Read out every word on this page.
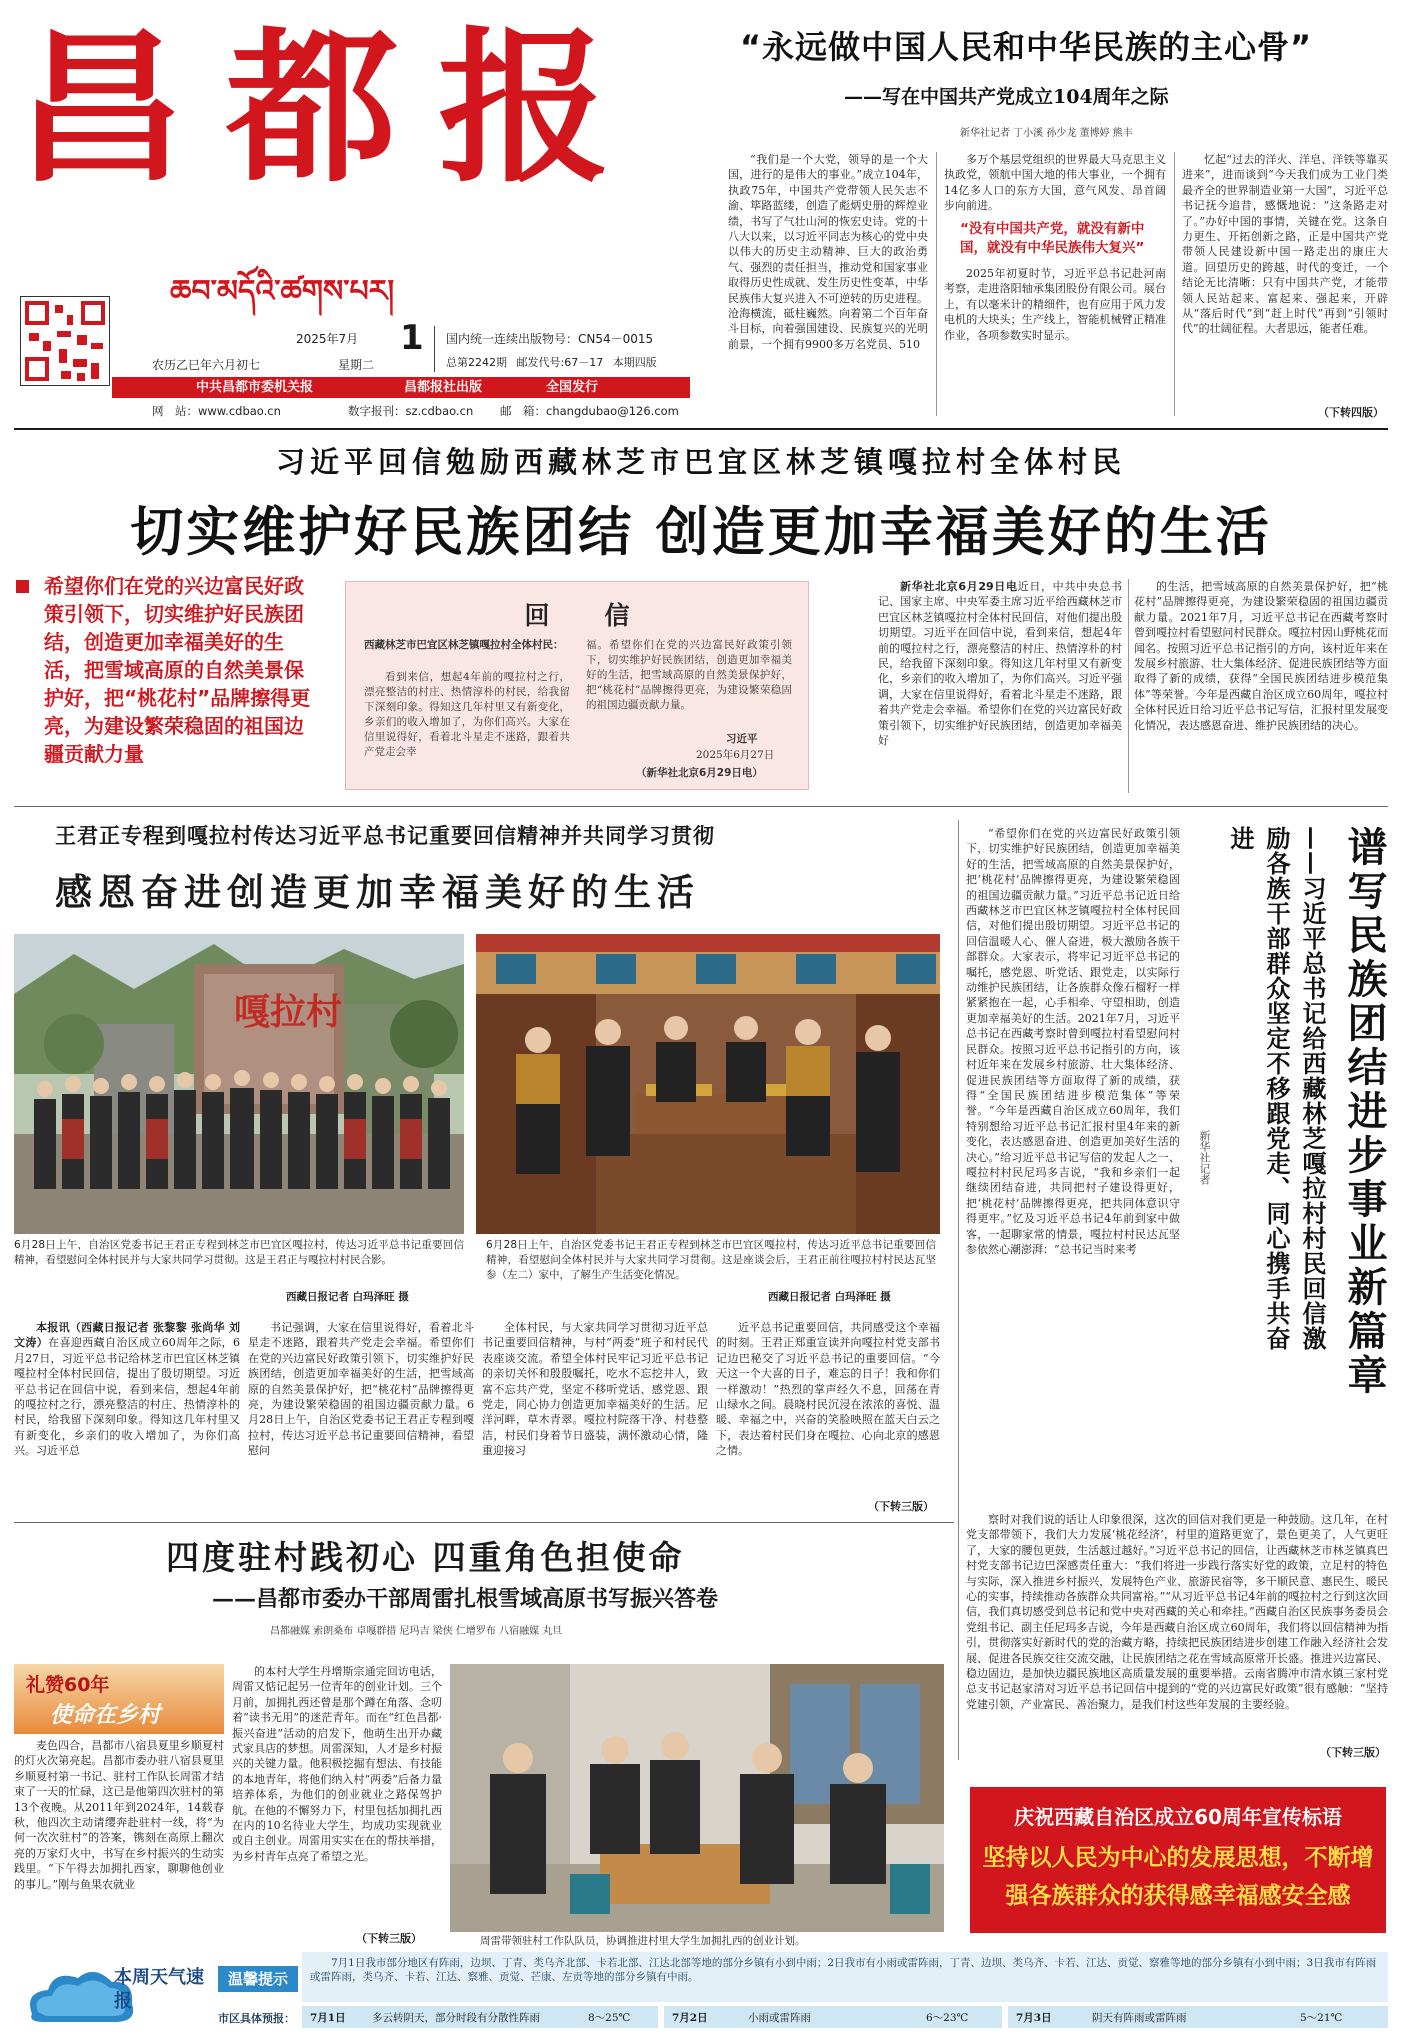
昌都报
ཆབ་མདོའི་ཚགས་པར།
2025年7月 1
星期二
农历乙巳年六月初七
国内统一连续出版物号：CN54－0015
总第2242期 邮发代号:67－17 本期四版
中共昌都市委机关报	昌都报社出版	全国发行
网　站：www.cdbao.cn	数字报刊：sz.cdbao.cn 邮　箱：changdubao@126.com
“永远做中国人民和中华民族的主心骨”
——写在中国共产党成立104周年之际
新华社记者 丁小溪 孙少龙 董博婷 熊丰
“我们是一个大党，领导的是一个大国，进行的是伟大的事业。”成立104年，执政75年，中国共产党带领人民矢志不渝、筚路蓝缕，创造了彪炳史册的辉煌业绩，书写了气壮山河的恢宏史诗。党的十八大以来，以习近平同志为核心的党中央以伟大的历史主动精神、巨大的政治勇气、强烈的责任担当，推动党和国家事业取得历史性成就、发生历史性变革，中华民族伟大复兴进入不可逆转的历史进程。沧海横流，砥柱巍然。向着第二个百年奋斗目标，向着强国建设、民族复兴的光明前景，一个拥有9900多万名党员、510
多万个基层党组织的世界最大马克思主义执政党，领航中国大地的伟大事业，一个拥有14亿多人口的东方大国，意气风发、昂首阔步向前进。
“没有中国共产党，就没有新中国，就没有中华民族伟大复兴”
2025年初夏时节，习近平总书记赴河南考察，走进洛阳轴承集团股份有限公司。展台上，有以毫米计的精细件，也有应用于风力发电机的大块头；生产线上，智能机械臂正精准作业，各项参数实时显示。
忆起“过去的洋火、洋皂、洋铁等靠买进来”，进而谈到“今天我们成为工业门类最齐全的世界制造业第一大国”，习近平总书记抚今追昔，感慨地说：“这条路走对了。”办好中国的事情，关键在党。这条自力更生、开拓创新之路，正是中国共产党带领人民建设新中国一路走出的康庄大道。回望历史的跨越，时代的变迁，一个结论无比清晰：只有中国共产党，才能带领人民站起来、富起来、强起来，开辟从“落后时代”到“赶上时代”再到“引领时代”的壮阔征程。大者思远，能者任难。
（下转四版）
习近平回信勉励西藏林芝市巴宜区林芝镇嘎拉村全体村民
切实维护好民族团结 创造更加幸福美好的生活
希望你们在党的兴边富民好政策引领下，切实维护好民族团结，创造更加幸福美好的生活，把雪域高原的自然美景保护好，把“桃花村”品牌擦得更亮，为建设繁荣稳固的祖国边疆贡献力量
回信
西藏林芝市巴宜区林芝镇嘎拉村全体村民：
看到来信，想起4年前的嘎拉村之行，漂亮整洁的村庄、热情淳朴的村民，给我留下深刻印象。得知这几年村里又有新变化，乡亲们的收入增加了，为你们高兴。大家在信里说得好，看着北斗星走不迷路，跟着共产党走会幸
福。希望你们在党的兴边富民好政策引领下，切实维护好民族团结，创造更加幸福美好的生活，把雪域高原的自然美景保护好，把“桃花村”品牌擦得更亮，为建设繁荣稳固的祖国边疆贡献力量。
习近平
2025年6月27日
（新华社北京6月29日电）
新华社北京6月29日电近日，中共中央总书记、国家主席、中央军委主席习近平给西藏林芝市巴宜区林芝镇嘎拉村全体村民回信，对他们提出殷切期望。习近平在回信中说，看到来信，想起4年前的嘎拉村之行，漂亮整洁的村庄、热情淳朴的村民，给我留下深刻印象。得知这几年村里又有新变化，乡亲们的收入增加了，为你们高兴。习近平强调，大家在信里说得好，看着北斗星走不迷路，跟着共产党走会幸福。希望你们在党的兴边富民好政策引领下，切实维护好民族团结，创造更加幸福美好
的生活，把雪域高原的自然美景保护好，把“桃花村”品牌擦得更亮，为建设繁荣稳固的祖国边疆贡献力量。2021年7月，习近平总书记在西藏考察时曾到嘎拉村看望慰问村民群众。嘎拉村因山野桃花而闻名。按照习近平总书记指引的方向，该村近年来在发展乡村旅游、壮大集体经济、促进民族团结等方面取得了新的成绩，获得“全国民族团结进步模范集体”等荣誉。今年是西藏自治区成立60周年，嘎拉村全体村民近日给习近平总书记写信，汇报村里发展变化情况，表达感恩奋进、维护民族团结的决心。
王君正专程到嘎拉村传达习近平总书记重要回信精神并共同学习贯彻
感恩奋进创造更加幸福美好的生活
嘎拉村
6月28日上午，自治区党委书记王君正专程到林芝市巴宜区嘎拉村，传达习近平总书记重要回信精神，看望慰问全体村民并与大家共同学习贯彻。这是王君正与嘎拉村村民合影。
西藏日报记者 白玛泽旺 摄
6月28日上午，自治区党委书记王君正专程到林芝市巴宜区嘎拉村，传达习近平总书记重要回信精神，看望慰问全体村民并与大家共同学习贯彻。这是座谈会后，王君正前往嘎拉村村民达瓦坚参（左二）家中，了解生产生活变化情况。
西藏日报记者 白玛泽旺 摄
本报讯（西藏日报记者 张黎黎 张尚华 刘文涛）在喜迎西藏自治区成立60周年之际，6月27日，习近平总书记给林芝市巴宜区林芝镇嘎拉村全体村民回信，提出了殷切期望。习近平总书记在回信中说，看到来信，想起4年前的嘎拉村之行，漂亮整洁的村庄、热情淳朴的村民，给我留下深刻印象。得知这几年村里又有新变化，乡亲们的收入增加了，为你们高兴。习近平总
书记强调，大家在信里说得好，看着北斗星走不迷路，跟着共产党走会幸福。希望你们在党的兴边富民好政策引领下，切实维护好民族团结，创造更加幸福美好的生活，把雪域高原的自然美景保护好，把“桃花村”品牌擦得更亮，为建设繁荣稳固的祖国边疆贡献力量。6月28日上午，自治区党委书记王君正专程到嘎拉村，传达习近平总书记重要回信精神，看望慰问
全体村民，与大家共同学习贯彻习近平总书记重要回信精神，与村“两委”班子和村民代表座谈交流。希望全体村民牢记习近平总书记的亲切关怀和殷殷嘱托，吃水不忘挖井人，致富不忘共产党，坚定不移听党话、感党恩、跟党走，同心协力创造更加幸福美好的生活。尼洋河畔，草木青翠。嘎拉村院落干净、村巷整洁，村民们身着节日盛装，满怀激动心情，隆重迎接习
近平总书记重要回信，共同感受这个幸福的时刻。王君正郑重宣读并向嘎拉村党支部书记边巴秘交了习近平总书记的重要回信。“今天这一个大喜的日子，难忘的日子！我和你们一样激动！”热烈的掌声经久不息，回荡在青山绿水之间。晨晓村民沉浸在浓浓的喜悦、温暖、幸福之中，兴奋的笑脸映照在蓝天白云之下，表达着村民们身在嘎拉、心向北京的感恩之情。
（下转三版）
“希望你们在党的兴边富民好政策引领下，切实维护好民族团结，创造更加幸福美好的生活，把雪域高原的自然美景保护好，把‘桃花村’品牌擦得更亮，为建设繁荣稳固的祖国边疆贡献力量。”习近平总书记近日给西藏林芝市巴宜区林芝镇嘎拉村全体村民回信，对他们提出殷切期望。习近平总书记的回信温暖人心、催人奋进，极大激励各族干部群众。大家表示，将牢记习近平总书记的嘱托，感党恩、听党话、跟党走，以实际行动维护民族团结，让各族群众像石榴籽一样紧紧抱在一起，心手相牵、守望相助，创造更加幸福美好的生活。2021年7月，习近平总书记在西藏考察时曾到嘎拉村看望慰问村民群众。按照习近平总书记指引的方向，该村近年来在发展乡村旅游、壮大集体经济、促进民族团结等方面取得了新的成绩，获得“全国民族团结进步模范集体”等荣誉。“今年是西藏自治区成立60周年，我们特别想给习近平总书记汇报村里4年来的新变化，表达感恩奋进、创造更加美好生活的决心。”给习近平总书记写信的发起人之一、嘎拉村村民尼玛多吉说，“我和乡亲们一起继续团结奋进，共同把村子建设得更好，把‘桃花村’品牌擦得更亮，把共同体意识守得更牢。”忆及习近平总书记4年前到家中做客，一起聊家常的情景，嘎拉村村民达瓦坚参依然心潮澎湃：“总书记当时来考	谱写民族团结进步事业新篇章
——习近平总书记给西藏林芝嘎拉村村民回信激励各族干部群众坚定不移跟党走、同心携手共奋进
新华社记者
察时对我们说的话让人印象很深，这次的回信对我们更是一种鼓励。这几年，在村党支部带领下，我们大力发展‘桃花经济’，村里的道路更宽了，景色更美了，人气更旺了，大家的腰包更鼓，生活越过越好。”习近平总书记的回信，让西藏林芝市林芝镇真巴村党支部书记边巴深感责任重大：“我们将进一步践行落实好党的政策，立足村的特色与实际，深入推进乡村振兴，发展特色产业、旅游民宿等，多干顺民意、惠民生、暖民心的实事，持续推动各族群众共同富裕。”“从习近平总书记4年前的嘎拉村之行到这次回信，我们真切感受到总书记和党中央对西藏的关心和牵挂。”西藏自治区民族事务委员会党组书记、副主任尼玛多吉说，今年是西藏自治区成立60周年，我们将以回信精神为指引，贯彻落实好新时代的党的治藏方略，持续把民族团结进步创建工作融入经济社会发展、促进各民族交往交流交融，让民族团结之花在雪域高原常开长盛。推进兴边富民、稳边固边，是加快边疆民族地区高质量发展的重要举措。云南省腾冲市清水镇三家村党总支书记赵家清对习近平总书记回信中提到的“党的兴边富民好政策”很有感触：“坚持党建引领，产业富民、善治聚力，是我们村这些年发展的主要经验。
（下转三版）
四度驻村践初心 四重角色担使命
——昌都市委办干部周雷扎根雪域高原书写振兴答卷
昌都融媒 索朗桑布 卓嘎群措 尼玛吉 梁侠 仁增罗布 八宿融媒 丸旦
礼赞60年
使命在乡村
麦色四合，昌都市八宿县夏里乡顺夏村的灯火次第亮起。昌都市委办驻八宿县夏里乡顺夏村第一书记、驻村工作队长周雷才结束了一天的忙碌，这已是他第四次驻村的第13个夜晚。从2011年到2024年，14载春秋，他四次主动请缨奔赴驻村一线，将“为何一次次驻村”的答案，镌刻在高原上翻次亮的万家灯火中，书写在乡村振兴的生动实践里。“下午得去加拥扎西家，聊聊他创业的事儿。”刚与鱼果农就业
的本村大学生丹增斯宗通完回访电话，周雷又惦记起另一位青年的创业计划。三个月前，加拥扎西还曾是那个蹲在角落、念叨着“读书无用”的迷茫青年。而在“红色昌都·振兴奋进”活动的启发下，他萌生出开办藏式家具店的梦想。周雷深知，人才是乡村振兴的关键力量。他积极挖掘有想法、有技能的本地青年，将他们纳入村“两委”后备力量培养体系，为他们的创业就业之路保驾护航。在他的不懈努力下，村里包括加拥扎西在内的10名待业大学生，均成功实现就业或自主创业。周雷用实实在在的帮扶举措，为乡村青年点亮了希望之光。
（下转三版）	周雷带领驻村工作队队员，协调推进村里大学生加拥扎西的创业计划。
庆祝西藏自治区成立60周年宣传标语
坚持以人民为中心的发展思想，不断增强各族群众的获得感幸福感安全感
本周天气速报
温馨提示
7月1日我市部分地区有阵雨，边坝、丁青、类乌齐北部、卡若北部、江达北部等地的部分乡镇有小到中雨；2日我市有小雨或雷阵雨，丁青、边坝、类乌齐、卡若、江达、贡觉、察雅等地的部分乡镇有小到中雨；3日我市有阵雨或雷阵雨，类乌齐、卡若、江达、察雅、贡觉、芒康、左贡等地的部分乡镇有中雨。
市区具体预报： 7月1日	多云转阴天，部分时段有分散性阵雨	8～25℃	7月2日	小雨或雷阵雨	6～23℃	7月3日	阴天有阵雨或雷阵雨	5～21℃
